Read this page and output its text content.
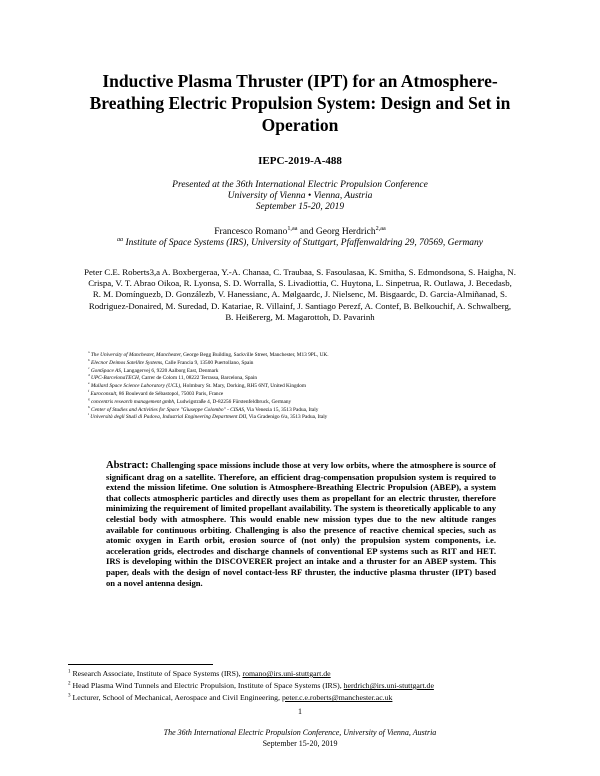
Inductive Plasma Thruster (IPT) for an Atmosphere-Breathing Electric Propulsion System: Design and Set in Operation
IEPC-2019-A-488
Presented at the 36th International Electric Propulsion Conference
University of Vienna • Vienna, Austria
September 15-20, 2019
Francesco Romano$^{1,aa}$ and Georg Herdrich$^{2,aa}$
$^{aa}$ Institute of Space Systems (IRS), University of Stuttgart, Pfaffenwaldring 29, 70569, Germany
Peter C.E. Roberts3,a A. Boxbergeraa, Y.-A. Chanaa, C. Traubaa, S. Fasoulasaa, K. Smitha, S. Edmondsona, S. Haigha, N. Crispa, V. T. Abrao Oikoa, R. Lyonsa, S. D. Worralla, S. Livadiottia, C. Huytona, L. Sinpetrua, R. Outlawa, J. Becedasb, R. M. Domínguezb, D. Gonzálezb, V. Hanessianc, A. Mølgaardc, J. Nielsenc, M. Bisgaardc, D. Garcia-Almiñanad, S. Rodriguez-Donaired, M. Suredad, D. Katariae, R. Villainf, J. Santiago Perezf, A. Contef, B. Belkouchif, A. Schwalberg, B. Heißererg, M. Magarottoh, D. Pavarinh
$^a$ The University of Manchester, Manchester, George Begg Building, Sackville Street, Manchester, M13 9PL, UK.
$^b$ Elecnor Deimos Satellite Systems, Calle Francia 9, 13500 Puertollano, Spain
$^c$ GomSpace AS, Langagervej 6, 9220 Aalborg East, Denmark
$^d$ UPC-BarcelonaTECH, Carrer de Colom 11, 08222 Terrassa, Barcelona, Spain
$^e$ Mullard Space Science Laboratory (UCL), Holmbury St. Mary, Dorking, RH5 6NT, United Kingdom
$^f$ Euroconsult, 86 Boulevard de Sébastopol, 75003 Paris, France
$^g$ concentris research management gmbh, Ludwigstraße 4, D-82256 Fürstenfeldbruck, Germany
$^h$ Center of Studies and Activities for Space "Giuseppe Colombo" - CISAS, Via Venezia 15, 3513 Padua, Italy
$^i$ Università degli Studi di Padova, Industrial Engineering Department DII, Via Gradenigo 6/a, 3513 Padua, Italy
Abstract: Challenging space missions include those at very low orbits, where the atmosphere is source of significant drag on a satellite. Therefore, an efficient drag-compensation propulsion system is required to extend the mission lifetime. One solution is Atmosphere-Breathing Electric Propulsion (ABEP), a system that collects atmospheric particles and directly uses them as propellant for an electric thruster, therefore minimizing the requirement of limited propellant availability. The system is theoretically applicable to any celestial body with atmosphere. This would enable new mission types due to the new altitude ranges available for continuous orbiting. Challenging is also the presence of reactive chemical species, such as atomic oxygen in Earth orbit, erosion source of (not only) the propulsion system components, i.e. acceleration grids, electrodes and discharge channels of conventional EP systems such as RIT and HET. IRS is developing within the DISCOVERER project an intake and a thruster for an ABEP system. This paper, deals with the design of novel contact-less RF thruster, the inductive plasma thruster (IPT) based on a novel antenna design.
$^1$ Research Associate, Institute of Space Systems (IRS), romano@irs.uni-stuttgart.de
$^2$ Head Plasma Wind Tunnels and Electric Propulsion, Institute of Space Systems (IRS), herdrich@irs.uni-stuttgart.de
$^3$ Lecturer, School of Mechanical, Aerospace and Civil Engineering, peter.c.e.roberts@manchester.ac.uk
1
The 36th International Electric Propulsion Conference, University of Vienna, Austria
September 15-20, 2019
